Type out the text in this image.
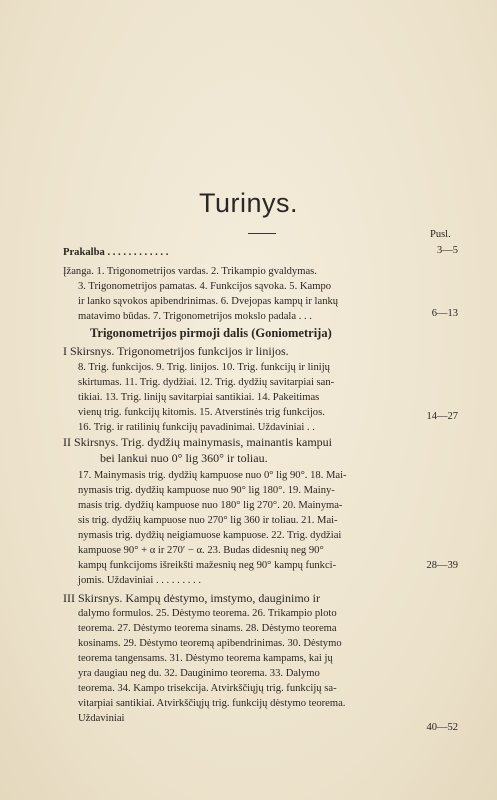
Turinys.
Pusl.
Prakalba . . . . . . . . . . . .
Įžanga. 1. Trigonometrijos vardas. 2. Trikampio gvaldymas.
3. Trigonometrijos pamatas. 4. Funkcijos sąvoka. 5. Kampo
ir lanko sąvokos apibendrinimas. 6. Dvejopas kampų ir lankų
matavimo būdas. 7. Trigonometrijos mokslo padala . . .
Trigonometrijos pirmoji dalis (Goniometrija)
I Skirsnys. Trigonometrijos funkcijos ir linijos.
8. Trig. funkcijos. 9. Trig. linijos. 10. Trig. funkcijų ir linijų
skirtumas. 11. Trig. dydžiai. 12. Trig. dydžių savitarpiai san-
tikiai. 13. Trig. linijų savitarpiai santikiai. 14. Pakeitimas
vienų trig. funkcijų kitomis. 15. Atverstinės trig funkcijos.
16. Trig. ir ratilinių funkcijų pavadinimai. Uždaviniai . .
II Skirsnys. Trig. dydžių mainymasis, mainantis kampui
bei lankui nuo 0° lig 360° ir toliau.
17. Mainymasis trig. dydžių kampuose nuo 0° lig 90°. 18. Mai-
nymasis trig. dydžių kampuose nuo 90° lig 180°. 19. Mainy-
masis trig. dydžių kampuose nuo 180° lig 270°. 20. Mainyma-
sis trig. dydžių kampuose nuo 270° lig 360 ir toliau. 21. Mai-
nymasis trig. dydžių neigiamuose kampuose. 22. Trig. dydžiai
kampuose 90° + α ir 270′ − α. 23. Budas didesnių neg 90°
kampų funkcijoms išreikšti mažesnių neg 90° kampų funkci-
jomis. Uždaviniai . . . . . . . . .
III Skirsnys. Kampų dėstymo, imstymo, dauginimo ir
dalymo formulos. 25. Dėstymo teorema. 26. Trikampio ploto
teorema. 27. Dėstymo teorema sinams. 28. Dėstymo teorema
kosinams. 29. Dėstymo teoremą apibendrinimas. 30. Dėstymo
teorema tangensams. 31. Dėstymo teorema kampams, kai jų
yra daugiau neg du. 32. Dauginimo teorema. 33. Dalymo
teorema. 34. Kampo trisekcija. Atvirkščiųjų trig. funkcijų sa-
vitarpiai santikiai. Atvirkščiųjų trig. funkcijų dėstymo teorema.
Uždaviniai
3—5
6—13
14—27
28—39
40—52
